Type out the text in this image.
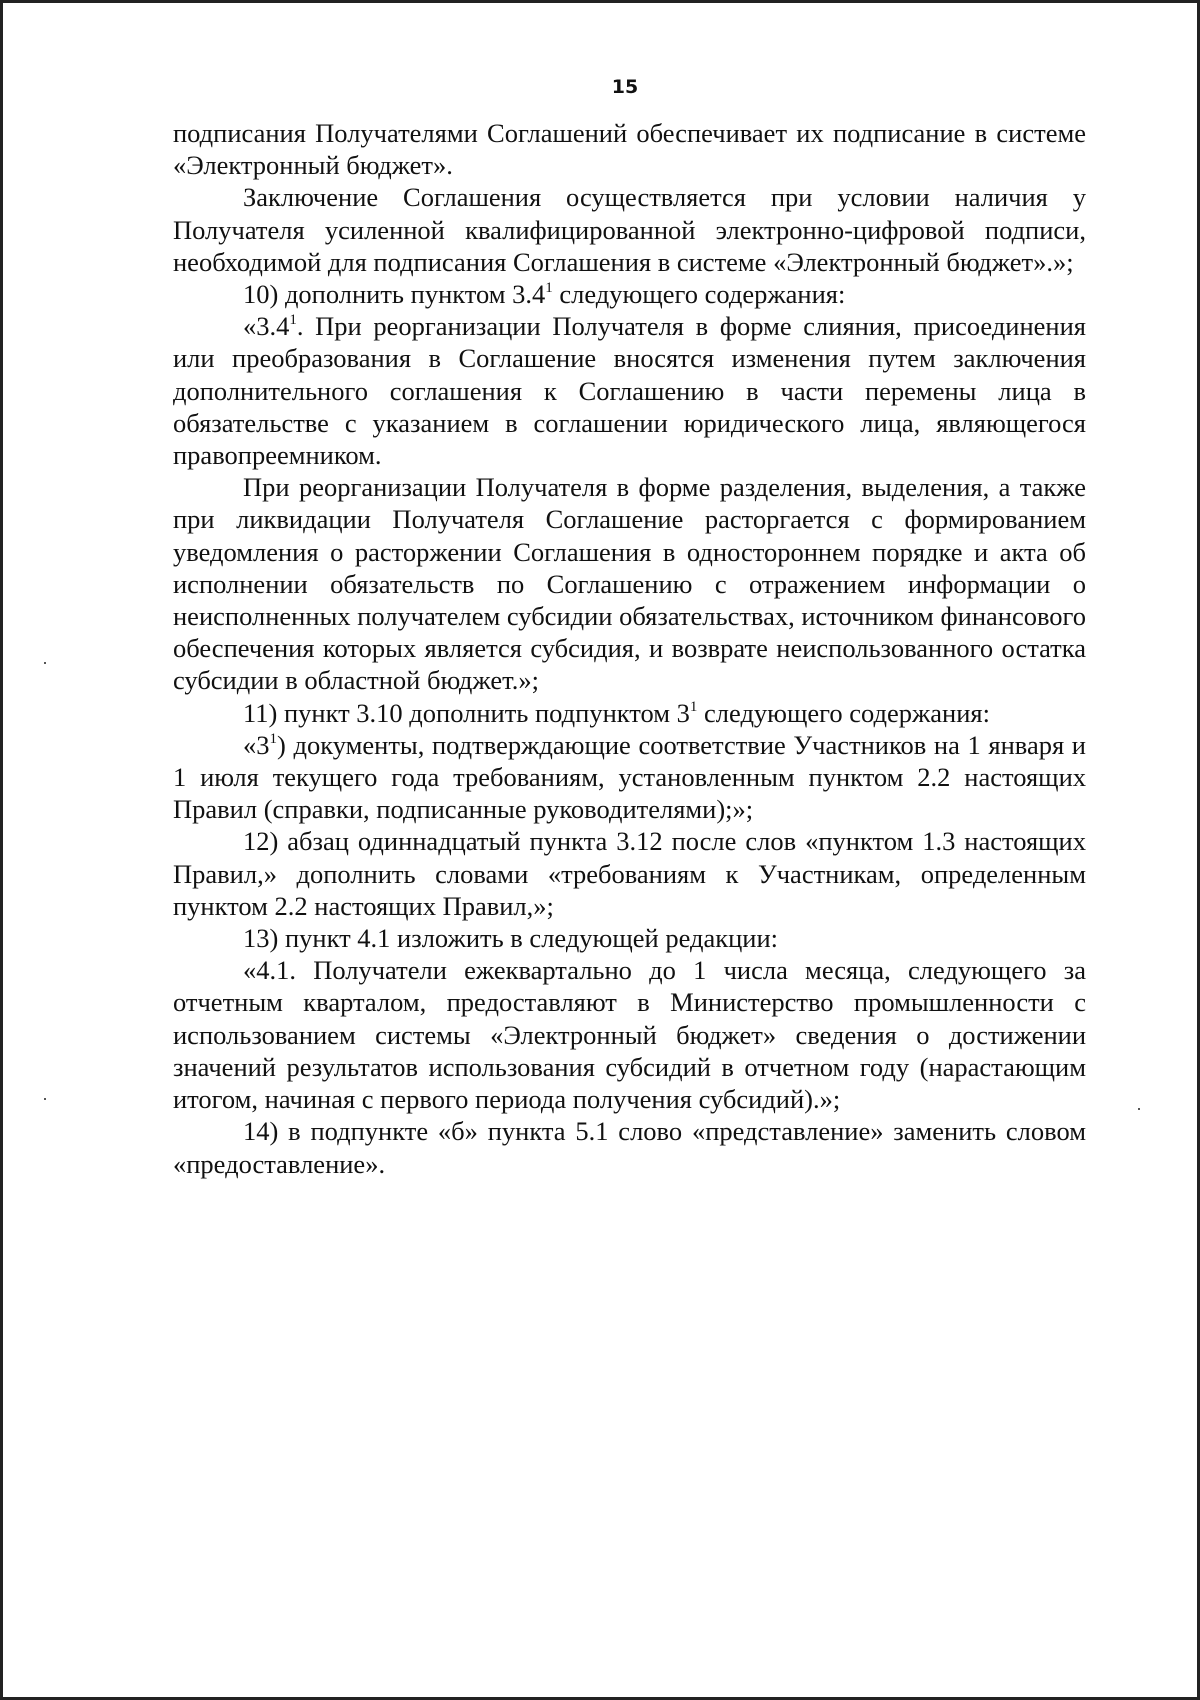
15

подписания Получателями Соглашений обеспечивает их подписание в системе «Электронный бюджет».

Заключение Соглашения осуществляется при условии наличия у Получателя усиленной квалифицированной электронно-цифровой подписи, необходимой для подписания Соглашения в системе «Электронный бюджет».»;

10) дополнить пунктом $3.4^1$ следующего содержания:

«$3.4^1$. При реорганизации Получателя в форме слияния, присоединения или преобразования в Соглашение вносятся изменения путем заключения дополнительного соглашения к Соглашению в части перемены лица в обязательстве с указанием в соглашении юридического лица, являющегося правопреемником.

При реорганизации Получателя в форме разделения, выделения, а также при ликвидации Получателя Соглашение расторгается с формированием уведомления о расторжении Соглашения в одностороннем порядке и акта об исполнении обязательств по Соглашению с отражением информации о неисполненных получателем субсидии обязательствах, источником финансового обеспечения которых является субсидия, и возврате неиспользованного остатка субсидии в областной бюджет.»;

11) пункт 3.10 дополнить подпунктом $3^1$ следующего содержания:

«$3^1$) документы, подтверждающие соответствие Участников на 1 января и 1 июля текущего года требованиям, установленным пунктом 2.2 настоящих Правил (справки, подписанные руководителями);»;

12) абзац одиннадцатый пункта 3.12 после слов «пунктом 1.3 настоящих Правил,» дополнить словами «требованиям к Участникам, определенным пунктом 2.2 настоящих Правил,»;

13) пункт 4.1 изложить в следующей редакции:

«4.1. Получатели ежеквартально до 1 числа месяца, следующего за отчетным кварталом, предоставляют в Министерство промышленности с использованием системы «Электронный бюджет» сведения о достижении значений результатов использования субсидий в отчетном году (нарастающим итогом, начиная с первого периода получения субсидий).»;

14) в подпункте «б» пункта 5.1 слово «представление» заменить словом «предоставление».
